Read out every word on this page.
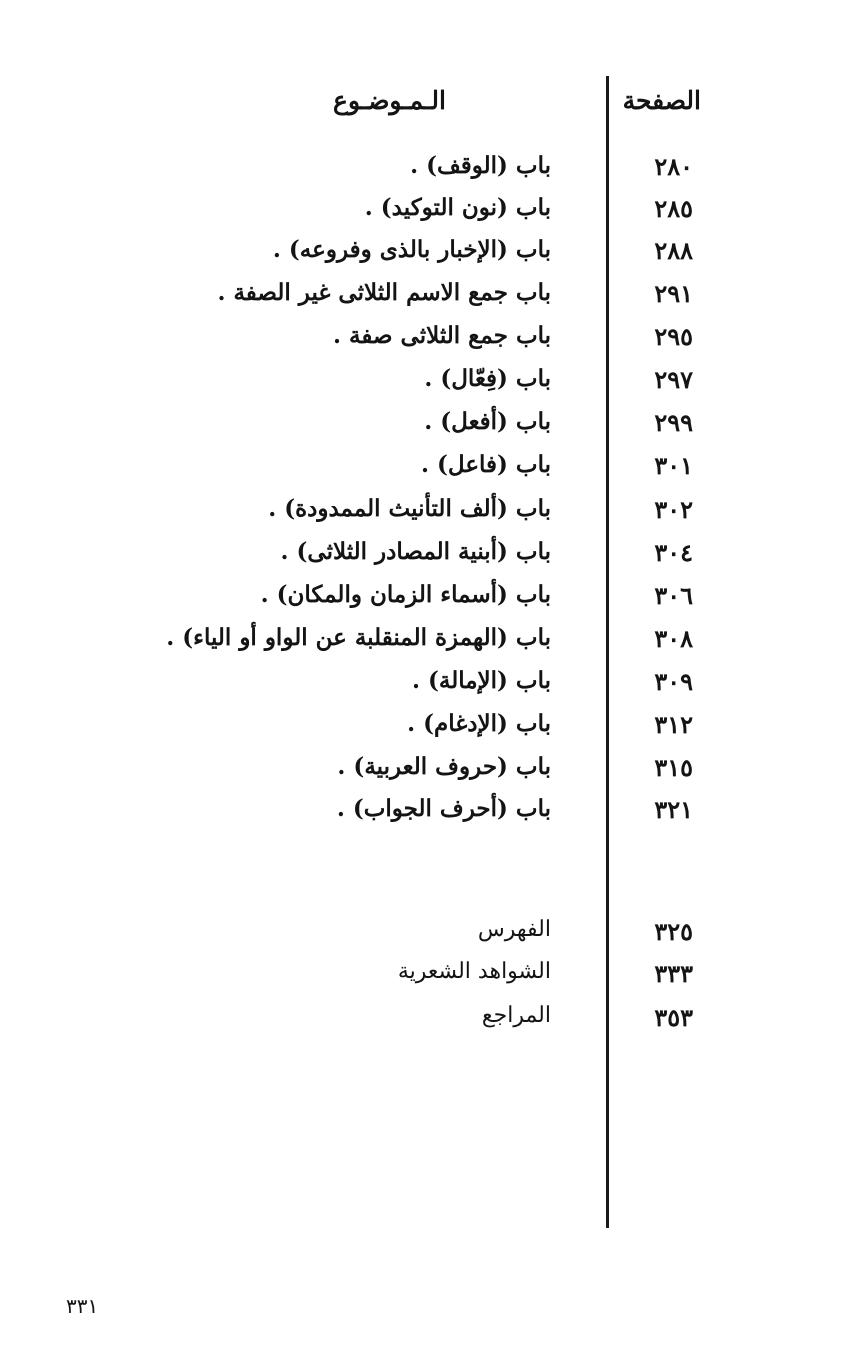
الصفحة
الـمـوضـوع
٢٨٠
باب (الوقف) .
٢٨٥
باب (نون التوكيد) .
٢٨٨
باب (الإخبار بالذى وفروعه) .
٢٩١
باب جمع الاسم الثلاثى غير الصفة .
٢٩٥
باب جمع الثلاثى صفة .
٢٩٧
باب (فِعّال) .
٢٩٩
باب (أفعل) .
٣٠١
باب (فاعل) .
٣٠٢
باب (ألف التأنيث الممدودة) .
٣٠٤
باب (أبنية المصادر الثلاثى) .
٣٠٦
باب (أسماء الزمان والمكان) .
٣٠٨
باب (الهمزة المنقلبة عن الواو أو الياء) .
٣٠٩
باب (الإمالة) .
٣١٢
باب (الإدغام) .
٣١٥
باب (حروف العربية) .
٣٢١
باب (أحرف الجواب) .
٣٢٥
الفهرس
٣٣٣
الشواهد الشعرية
٣٥٣
المراجع
٣٣١
